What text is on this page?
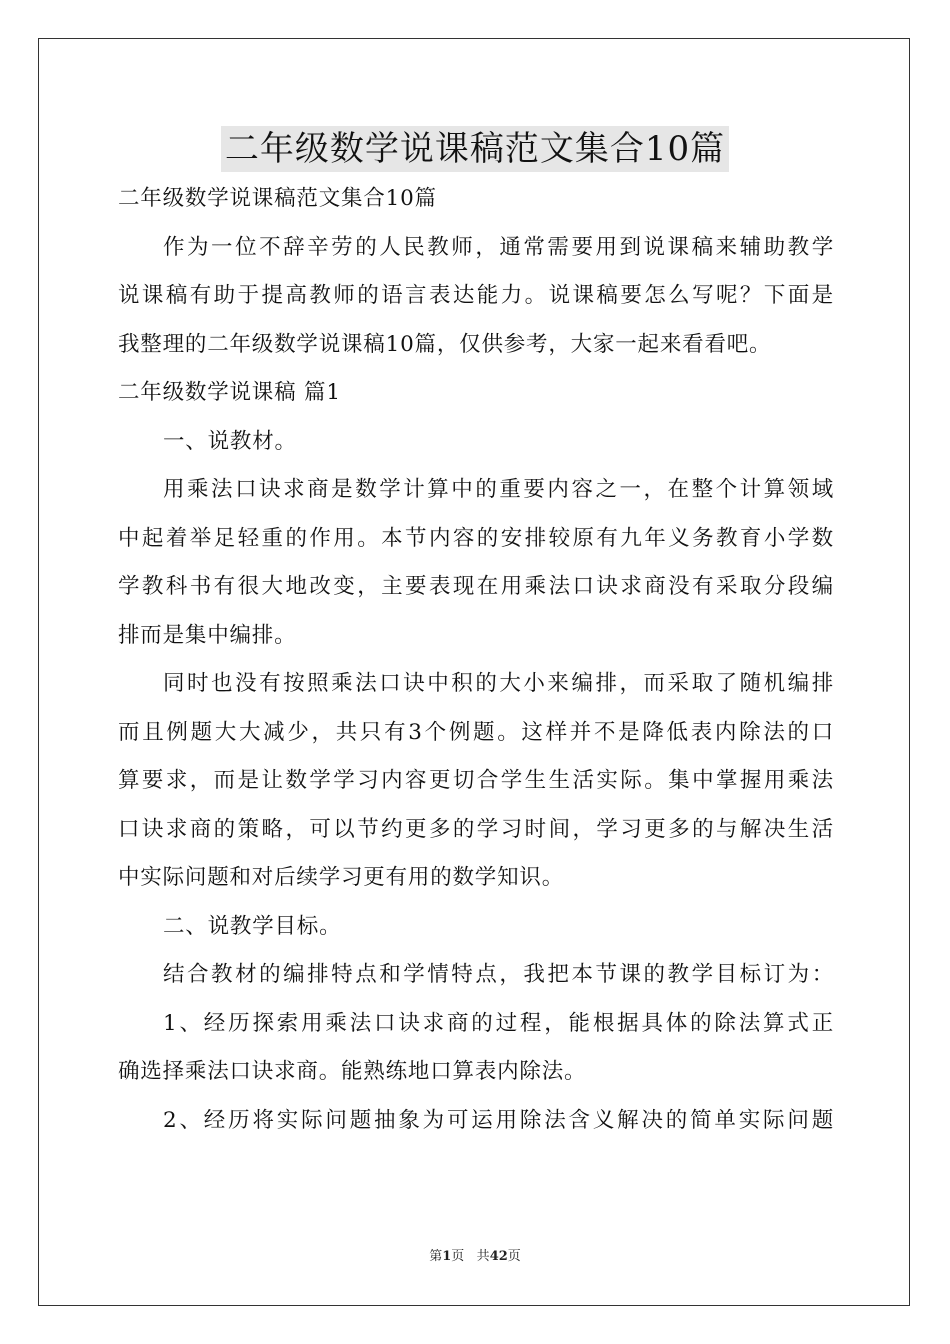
二年级数学说课稿范文集合10篇
二年级数学说课稿范文集合10篇
作为一位不辞辛劳的人民教师，通常需要用到说课稿来辅助教学
说课稿有助于提高教师的语言表达能力。说课稿要怎么写呢？下面是
我整理的二年级数学说课稿10篇，仅供参考，大家一起来看看吧。
二年级数学说课稿 篇1
一、说教材。
用乘法口诀求商是数学计算中的重要内容之一，在整个计算领域
中起着举足轻重的作用。本节内容的安排较原有九年义务教育小学数
学教科书有很大地改变，主要表现在用乘法口诀求商没有采取分段编
排而是集中编排。
同时也没有按照乘法口诀中积的大小来编排，而采取了随机编排
而且例题大大减少，共只有3个例题。这样并不是降低表内除法的口
算要求，而是让数学学习内容更切合学生生活实际。集中掌握用乘法
口诀求商的策略，可以节约更多的学习时间，学习更多的与解决生活
中实际问题和对后续学习更有用的数学知识。
二、说教学目标。
结合教材的编排特点和学情特点，我把本节课的教学目标订为：
1、经历探索用乘法口诀求商的过程，能根据具体的除法算式正
确选择乘法口诀求商。能熟练地口算表内除法。
2、经历将实际问题抽象为可运用除法含义解决的简单实际问题
第1页 共42页
